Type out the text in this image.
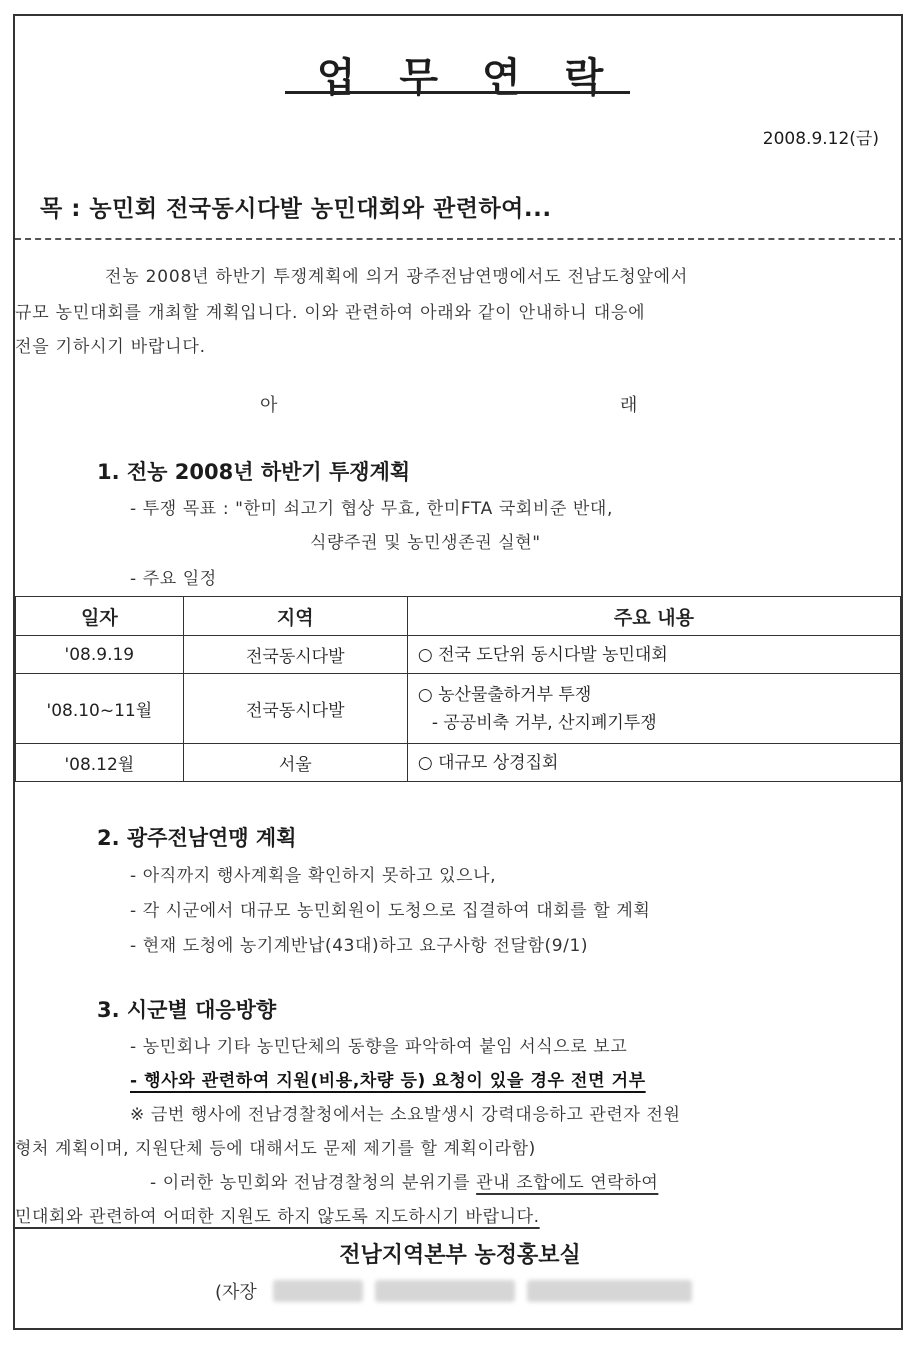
업무연락
2008.9.12(금)
목 : 농민회 전국동시다발 농민대회와 관련하여...
전농 2008년 하반기 투쟁계획에 의거 광주전남연맹에서도 전남도청앞에서
규모 농민대회를 개최할 계획입니다. 이와 관련하여 아래와 같이 안내하니 대응에
전을 기하시기 바랍니다.
아	래
1. 전농 2008년 하반기 투쟁계획
- 투쟁 목표 : "한미 쇠고기 협상 무효, 한미FTA 국회비준 반대,
식량주권 및 농민생존권 실현"
- 주요 일정
일자	지역	주요 내용
'08.9.19	전국동시다발	○ 전국 도단위 동시다발 농민대회

'08.10~11월	전국동시다발	○ 농산물출하거부 투쟁
- 공공비축 거부, 산지폐기투쟁

'08.12월	서울	○ 대규모 상경집회
2. 광주전남연맹 계획
- 아직까지 행사계획을 확인하지 못하고 있으나,
- 각 시군에서 대규모 농민회원이 도청으로 집결하여 대회를 할 계획
- 현재 도청에 농기계반납(43대)하고 요구사항 전달함(9/1)
3. 시군별 대응방향
- 농민회나 기타 농민단체의 동향을 파악하여 붙임 서식으로 보고
- 행사와 관련하여 지원(비용,차량 등) 요청이 있을 경우 전면 거부
※ 금번 행사에 전남경찰청에서는 소요발생시 강력대응하고 관련자 전원
형처 계획이며, 지원단체 등에 대해서도 문제 제기를 할 계획이라함)
- 이러한 농민회와 전남경찰청의 분위기를 관내 조합에도 연락하여
민대회와 관련하여 어떠한 지원도 하지 않도록 지도하시기 바랍니다.
전남지역본부 농정홍보실
(자장
